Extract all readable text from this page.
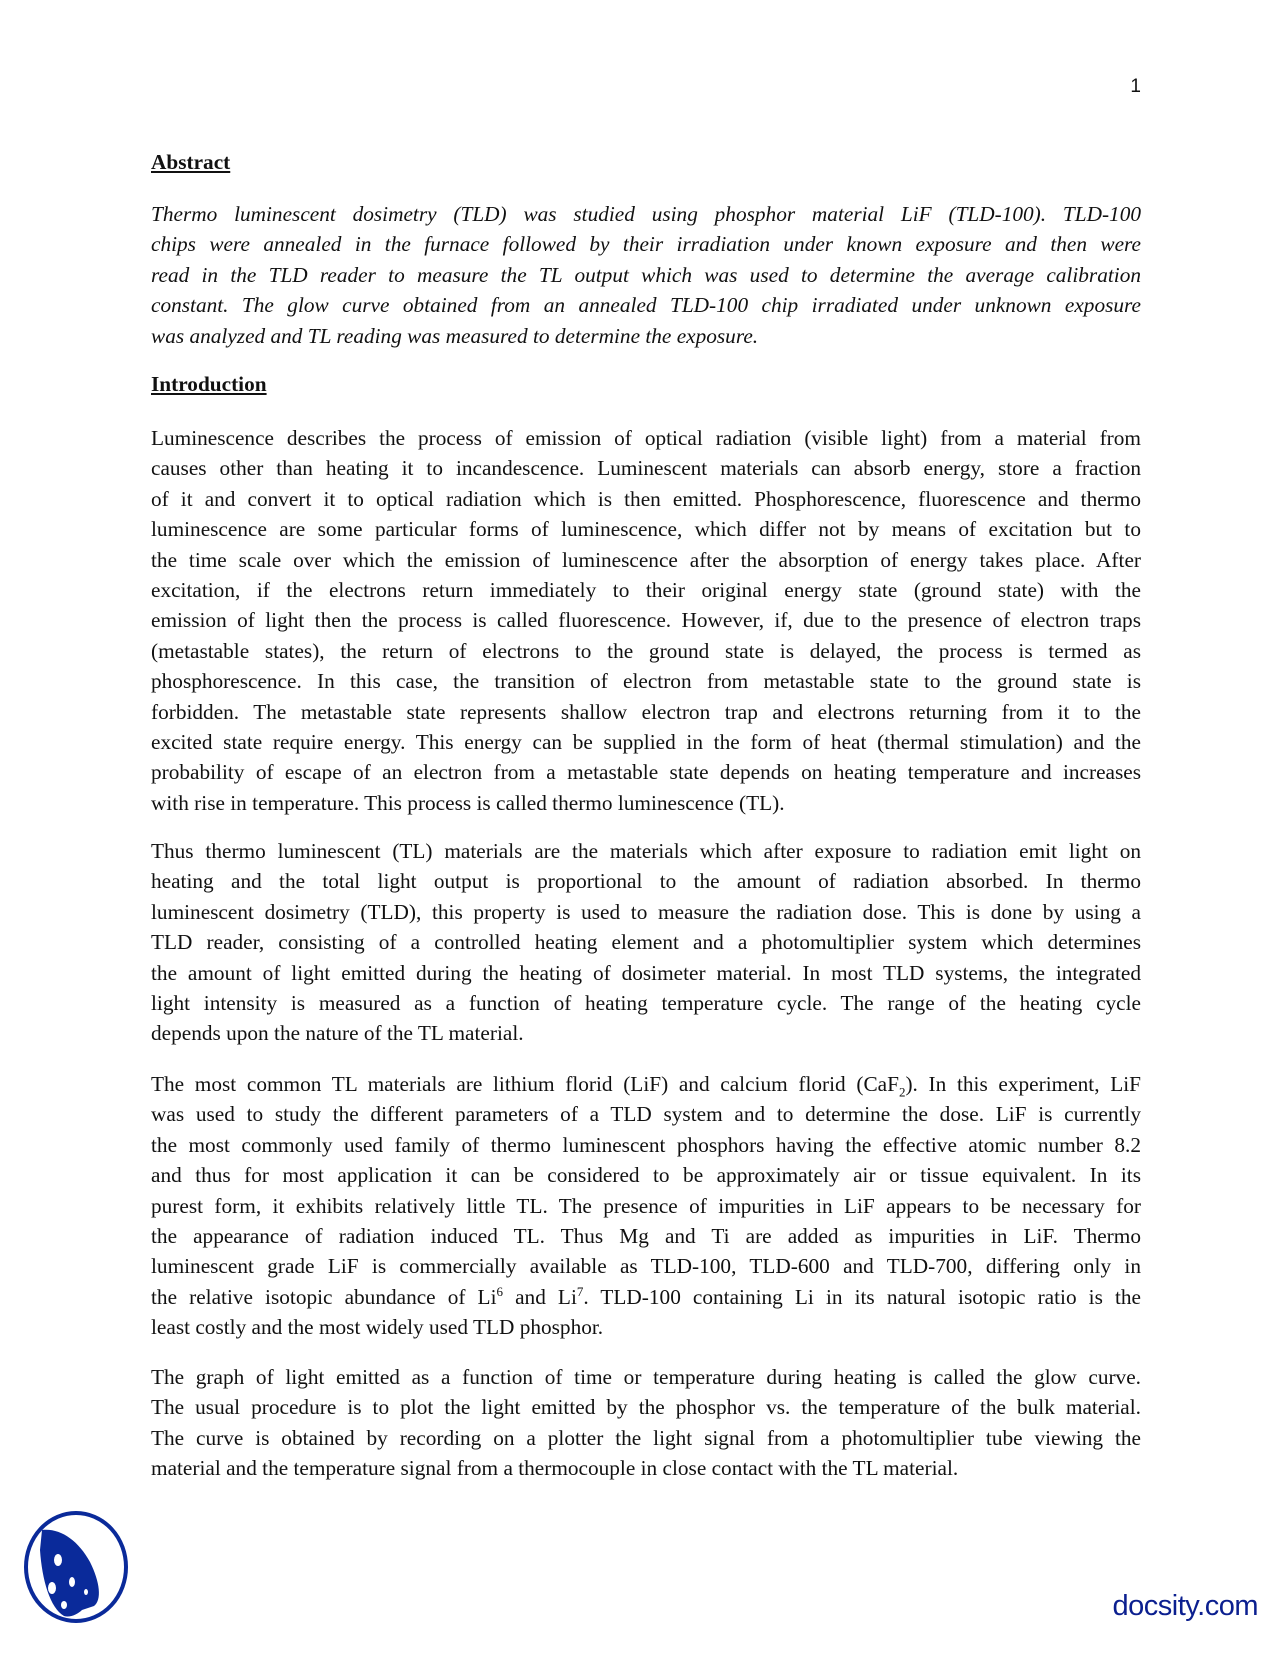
1
Abstract
Thermo luminescent dosimetry (TLD) was studied using phosphor material LiF (TLD-100). TLD-100
chips were annealed in the furnace followed by their irradiation under known exposure and then were
read in the TLD reader to measure the TL output which was used to determine the average calibration
constant. The glow curve obtained from an annealed TLD-100 chip irradiated under unknown exposure
was analyzed and TL reading was measured to determine the exposure.
Introduction
Luminescence describes the process of emission of optical radiation (visible light) from a material from
causes other than heating it to incandescence. Luminescent materials can absorb energy, store a fraction
of it and convert it to optical radiation which is then emitted. Phosphorescence, fluorescence and thermo
luminescence are some particular forms of luminescence, which differ not by means of excitation but to
the time scale over which the emission of luminescence after the absorption of energy takes place. After
excitation, if the electrons return immediately to their original energy state (ground state) with the
emission of light then the process is called fluorescence. However, if, due to the presence of electron traps
(metastable states), the return of electrons to the ground state is delayed, the process is termed as
phosphorescence. In this case, the transition of electron from metastable state to the ground state is
forbidden. The metastable state represents shallow electron trap and electrons returning from it to the
excited state require energy. This energy can be supplied in the form of heat (thermal stimulation) and the
probability of escape of an electron from a metastable state depends on heating temperature and increases
with rise in temperature. This process is called thermo luminescence (TL).
Thus thermo luminescent (TL) materials are the materials which after exposure to radiation emit light on
heating and the total light output is proportional to the amount of radiation absorbed. In thermo
luminescent dosimetry (TLD), this property is used to measure the radiation dose. This is done by using a
TLD reader, consisting of a controlled heating element and a photomultiplier system which determines
the amount of light emitted during the heating of dosimeter material. In most TLD systems, the integrated
light intensity is measured as a function of heating temperature cycle. The range of the heating cycle
depends upon the nature of the TL material.
The most common TL materials are lithium florid (LiF) and calcium florid (CaF$_2$). In this experiment, LiF
was used to study the different parameters of a TLD system and to determine the dose. LiF is currently
the most commonly used family of thermo luminescent phosphors having the effective atomic number 8.2
and thus for most application it can be considered to be approximately air or tissue equivalent. In its
purest form, it exhibits relatively little TL. The presence of impurities in LiF appears to be necessary for
the appearance of radiation induced TL. Thus Mg and Ti are added as impurities in LiF. Thermo
luminescent grade LiF is commercially available as TLD-100, TLD-600 and TLD-700, differing only in
the relative isotopic abundance of Li$^6$ and Li$^7$. TLD-100 containing Li in its natural isotopic ratio is the
least costly and the most widely used TLD phosphor.
The graph of light emitted as a function of time or temperature during heating is called the glow curve.
The usual procedure is to plot the light emitted by the phosphor vs. the temperature of the bulk material.
The curve is obtained by recording on a plotter the light signal from a photomultiplier tube viewing the
material and the temperature signal from a thermocouple in close contact with the TL material.
docsity.com
